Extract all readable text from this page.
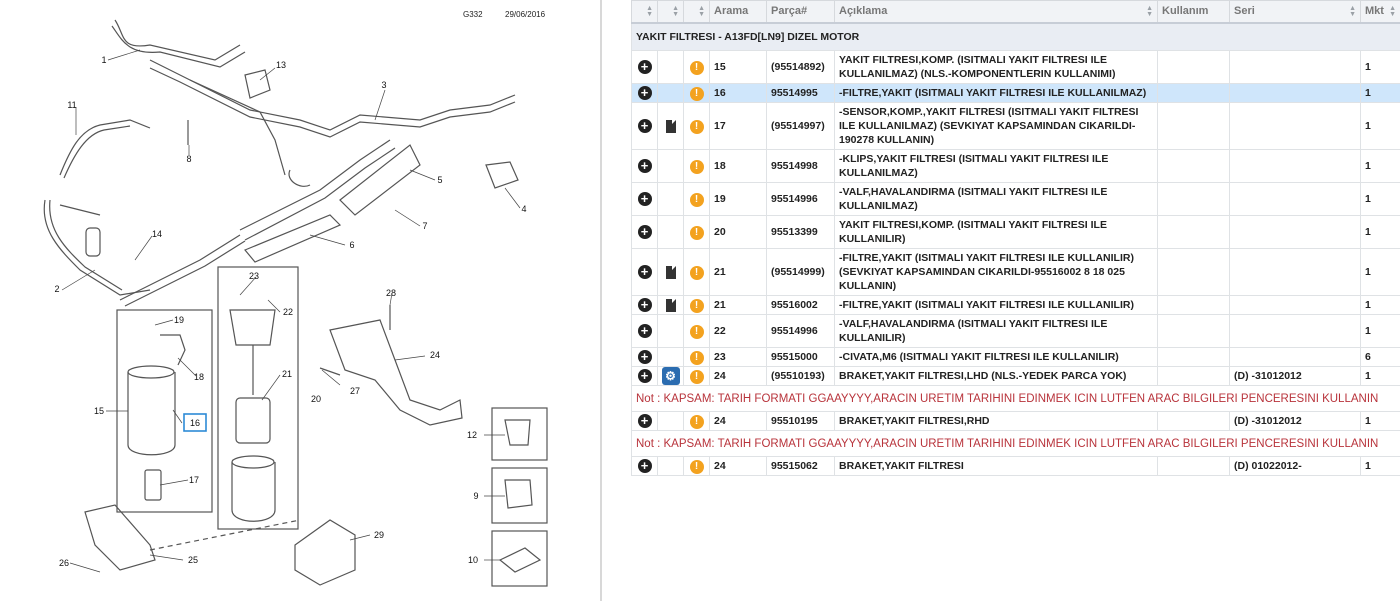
G332	29/06/2016
1
2
3
4
5
6
7
8
9
10
11
12
13
14
15
16
17
18
19
20
21
22
23
24
25
26
27
28
29
▲
▼	▲
▼	▲
▼	Arama	Parça#	Açıklama ▲
▼	Kullanım	Seri ▲
▼	Mkt ▲
▼

YAKIT FILTRESI - A13FD[LN9] DIZEL MOTOR								
+		!	15	(95514892)	YAKIT FILTRESI,KOMP. (ISITMALI YAKIT FILTRESI ILE KULLANILMAZ) (NLS.-KOMPONENTLERIN KULLANIMI)			1
+		!	16	95514995	-FILTRE,YAKIT (ISITMALI YAKIT FILTRESI ILE KULLANILMAZ)			1
+		!	17	(95514997)	-SENSOR,KOMP.,YAKIT FILTRESI (ISITMALI YAKIT FILTRESI ILE KULLANILMAZ) (SEVKIYAT KAPSAMINDAN CIKARILDI-190278 KULLANIN)			1
+		!	18	95514998	-KLIPS,YAKIT FILTRESI (ISITMALI YAKIT FILTRESI ILE KULLANILMAZ)			1
+		!	19	95514996	-VALF,HAVALANDIRMA (ISITMALI YAKIT FILTRESI ILE KULLANILMAZ)			1
+		!	20	95513399	YAKIT FILTRESI,KOMP. (ISITMALI YAKIT FILTRESI ILE KULLANILIR)			1
+		!	21	(95514999)	-FILTRE,YAKIT (ISITMALI YAKIT FILTRESI ILE KULLANILIR) (SEVKIYAT KAPSAMINDAN CIKARILDI-95516002 8 18 025 KULLANIN)			1
+		!	21	95516002	-FILTRE,YAKIT (ISITMALI YAKIT FILTRESI ILE KULLANILIR)			1
+		!	22	95514996	-VALF,HAVALANDIRMA (ISITMALI YAKIT FILTRESI ILE KULLANILIR)			1
+		!	23	95515000	-CIVATA,M6 (ISITMALI YAKIT FILTRESI ILE KULLANILIR)			6
+	⚙	!	24	(95510193)	BRAKET,YAKIT FILTRESI,LHD (NLS.-YEDEK PARCA YOK)		(D) -31012012	1
Not : KAPSAM: TARIH FORMATI GGAAYYYY,ARACIN URETIM TARIHINI EDINMEK ICIN LUTFEN ARAC BILGILERI PENCERESINI KULLANIN								
+		!	24	95510195	BRAKET,YAKIT FILTRESI,RHD		(D) -31012012	1
Not : KAPSAM: TARIH FORMATI GGAAYYYY,ARACIN URETIM TARIHINI EDINMEK ICIN LUTFEN ARAC BILGILERI PENCERESINI KULLANIN								
+		!	24	95515062	BRAKET,YAKIT FILTRESI		(D) 01022012-	1
